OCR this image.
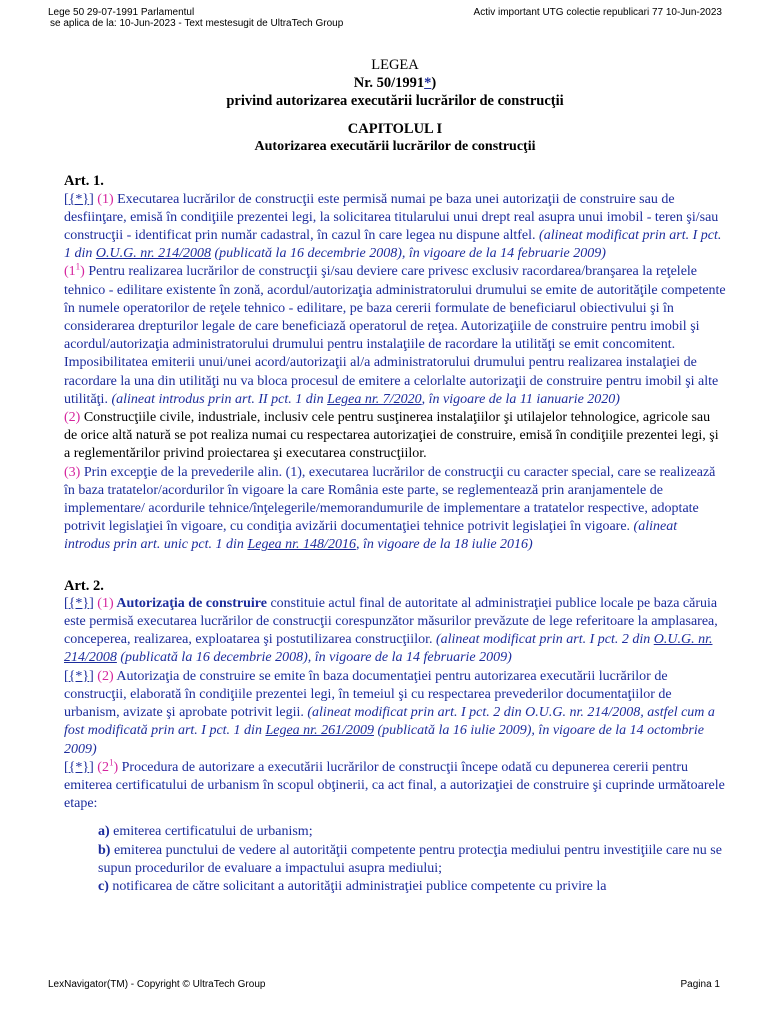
Lege 50 29-07-1991 Parlamentul
se aplica de la: 10-Jun-2023 - Text mestesugit de UltraTech Group
Activ important UTG colectie republicari 77 10-Jun-2023
LEGEA
Nr. 50/1991*)
privind autorizarea executării lucrărilor de construcţii
CAPITOLUL I
Autorizarea executării lucrărilor de construcţii
Art. 1.

[{*}] (1) Executarea lucrărilor de construcţii este permisă numai pe baza unei autorizaţii de construire sau de desfiinţare, emisă în condiţiile prezentei legi, la solicitarea titularului unui drept real asupra unui imobil - teren şi/sau construcţii - identificat prin număr cadastral, în cazul în care legea nu dispune altfel. (alineat modificat prin art. I pct. 1 din O.U.G. nr. 214/2008 (publicată la 16 decembrie 2008), în vigoare de la 14 februarie 2009)

$(1^1)$ Pentru realizarea lucrărilor de construcţii şi/sau deviere care privesc exclusiv racordarea/branşarea la reţelele tehnico - edilitare existente în zonă, acordul/autorizaţia administratorului drumului se emite de autorităţile competente în numele operatorilor de reţele tehnico - edilitare, pe baza cererii formulate de beneficiarul obiectivului şi în considerarea drepturilor legale de care beneficiază operatorul de reţea. Autorizaţiile de construire pentru imobil şi acordul/autorizaţia administratorului drumului pentru instalaţiile de racordare la utilităţi se emit concomitent. Imposibilitatea emiterii unui/unei acord/autorizaţii al/a administratorului drumului pentru realizarea instalaţiei de racordare la una din utilităţi nu va bloca procesul de emitere a celorlalte autorizaţii de construire pentru imobil şi alte utilităţi. (alineat introdus prin art. II pct. 1 din Legea nr. 7/2020, în vigoare de la 11 ianuarie 2020)

(2) Construcţiile civile, industriale, inclusiv cele pentru susţinerea instalaţiilor şi utilajelor tehnologice, agricole sau de orice altă natură se pot realiza numai cu respectarea autorizaţiei de construire, emisă în condiţiile prezentei legi, şi a reglementărilor privind proiectarea şi executarea construcţiilor.

(3) Prin excepţie de la prevederile alin. (1), executarea lucrărilor de construcţii cu caracter special, care se realizează în baza tratatelor/acordurilor în vigoare la care România este parte, se reglementează prin aranjamentele de implementare/ acordurile tehnice/înţelegerile/memorandumurile de implementare a tratatelor respective, adoptate potrivit legislaţiei în vigoare, cu condiţia avizării documentaţiei tehnice potrivit legislaţiei în vigoare. (alineat introdus prin art. unic pct. 1 din Legea nr. 148/2016, în vigoare de la 18 iulie 2016)

Art. 2.

[{*}] (1) Autorizaţia de construire constituie actul final de autoritate al administraţiei publice locale pe baza căruia este permisă executarea lucrărilor de construcţii corespunzător măsurilor prevăzute de lege referitoare la amplasarea, conceperea, realizarea, exploatarea şi postutilizarea construcţiilor. (alineat modificat prin art. I pct. 2 din O.U.G. nr. 214/2008 (publicată la 16 decembrie 2008), în vigoare de la 14 februarie 2009)

[{*}] (2) Autorizaţia de construire se emite în baza documentaţiei pentru autorizarea executării lucrărilor de construcţii, elaborată în condiţiile prezentei legi, în temeiul şi cu respectarea prevederilor documentaţiilor de urbanism, avizate şi aprobate potrivit legii. (alineat modificat prin art. I pct. 2 din O.U.G. nr. 214/2008, astfel cum a fost modificată prin art. I pct. 1 din Legea nr. 261/2009 (publicată la 16 iulie 2009), în vigoare de la 14 octombrie 2009)

[{*}] $(2^1)$ Procedura de autorizare a executării lucrărilor de construcţii începe odată cu depunerea cererii pentru emiterea certificatului de urbanism în scopul obţinerii, ca act final, a autorizaţiei de construire şi cuprinde următoarele etape:

a) emiterea certificatului de urbanism;

b) emiterea punctului de vedere al autorităţii competente pentru protecţia mediului pentru investiţiile care nu se supun procedurilor de evaluare a impactului asupra mediului;

c) notificarea de către solicitant a autorităţii administraţiei publice competente cu privire la

LexNavigator(TM) - Copyright © UltraTech Group	Pagina 1
